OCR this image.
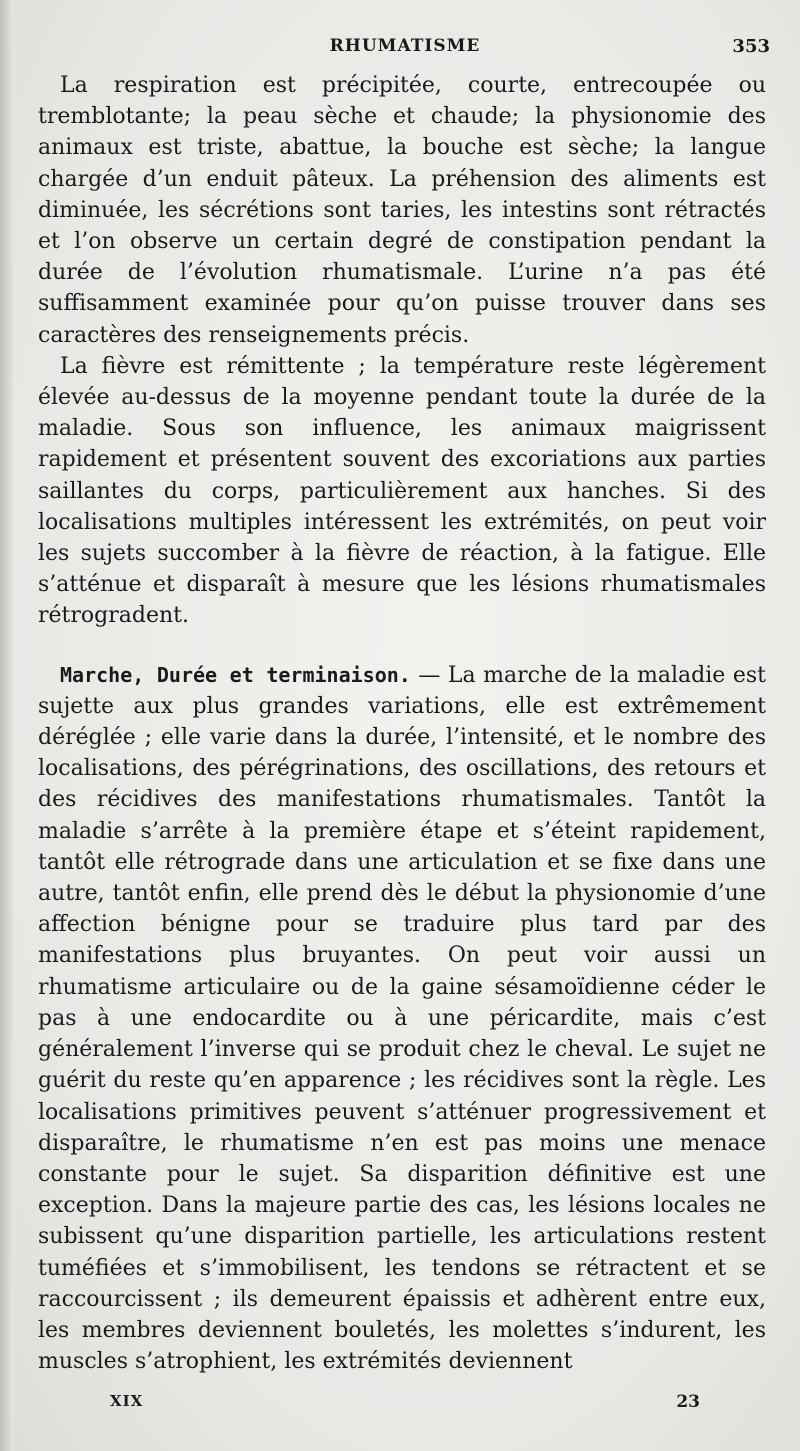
RHUMATISME	353

La respiration est précipitée, courte, entrecoupée ou tremblotante; la peau sèche et chaude; la physionomie des animaux est triste, abattue, la bouche est sèche; la langue chargée d’un enduit pâteux. La préhension des aliments est diminuée, les sécrétions sont taries, les intestins sont rétractés et l’on observe un certain degré de constipation pendant la durée de l’évolution rhumatismale. L’urine n’a pas été suffisamment examinée pour qu’on puisse trouver dans ses caractères des renseignements précis.

La fièvre est rémittente ; la température reste légèrement élevée au-dessus de la moyenne pendant toute la durée de la maladie. Sous son influence, les animaux maigrissent rapidement et présentent souvent des excoriations aux parties saillantes du corps, particulièrement aux hanches. Si des localisations multiples intéressent les extrémités, on peut voir les sujets succomber à la fièvre de réaction, à la fatigue. Elle s’atténue et disparaît à mesure que les lésions rhumatismales rétrogradent.

Marche, Durée et terminaison. — La marche de la maladie est sujette aux plus grandes variations, elle est extrêmement déréglée ; elle varie dans la durée, l’intensité, et le nombre des localisations, des pérégrinations, des oscillations, des retours et des récidives des manifestations rhumatismales. Tantôt la maladie s’arrête à la première étape et s’éteint rapidement, tantôt elle rétrograde dans une articulation et se fixe dans une autre, tantôt enfin, elle prend dès le début la physionomie d’une affection bénigne pour se traduire plus tard par des manifestations plus bruyantes. On peut voir aussi un rhumatisme articulaire ou de la gaine sésamoïdienne céder le pas à une endocardite ou à une péricardite, mais c’est généralement l’inverse qui se produit chez le cheval. Le sujet ne guérit du reste qu’en apparence ; les récidives sont la règle. Les localisations primitives peuvent s’atténuer progressivement et disparaître, le rhumatisme n’en est pas moins une menace constante pour le sujet. Sa disparition définitive est une exception. Dans la majeure partie des cas, les lésions locales ne subissent qu’une disparition partielle, les articulations restent tuméfiées et s’immobilisent, les tendons se rétractent et se raccourcissent ; ils demeurent épaissis et adhèrent entre eux, les membres deviennent bouletés, les molettes s’indurent, les muscles s’atrophient, les extrémités deviennent

XIX	23
